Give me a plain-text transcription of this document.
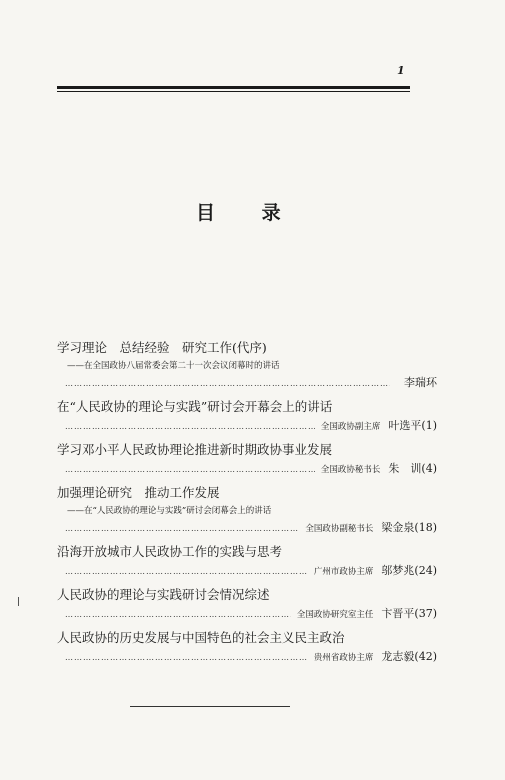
1
目 录
学习理论　总结经验　研究工作(代序)
——在全国政协八届常委会第二十一次会议闭幕时的讲话
……………………………………………………………………………………………………………………
李瑞环
在“人民政协的理论与实践”研讨会开幕会上的讲话
……………………………………………………………………………………………………………………
全国政协副主席 叶选平 (1)
学习邓小平人民政协理论推进新时期政协事业发展
……………………………………………………………………………………………………………………
全国政协秘书长 朱　训 (4)
加强理论研究　推动工作发展
——在“人民政协的理论与实践”研讨会闭幕会上的讲话
……………………………………………………………………………………………………………………
全国政协副秘书长 梁金泉 (18)
沿海开放城市人民政协工作的实践与思考
……………………………………………………………………………………………………………………
广州市政协主席 邬梦兆 (24)
人民政协的理论与实践研讨会情况综述
……………………………………………………………………………………………………………………
全国政协研究室主任 卞晋平 (37)
人民政协的历史发展与中国特色的社会主义民主政治
……………………………………………………………………………………………………………………
贵州省政协主席 龙志毅 (42)
